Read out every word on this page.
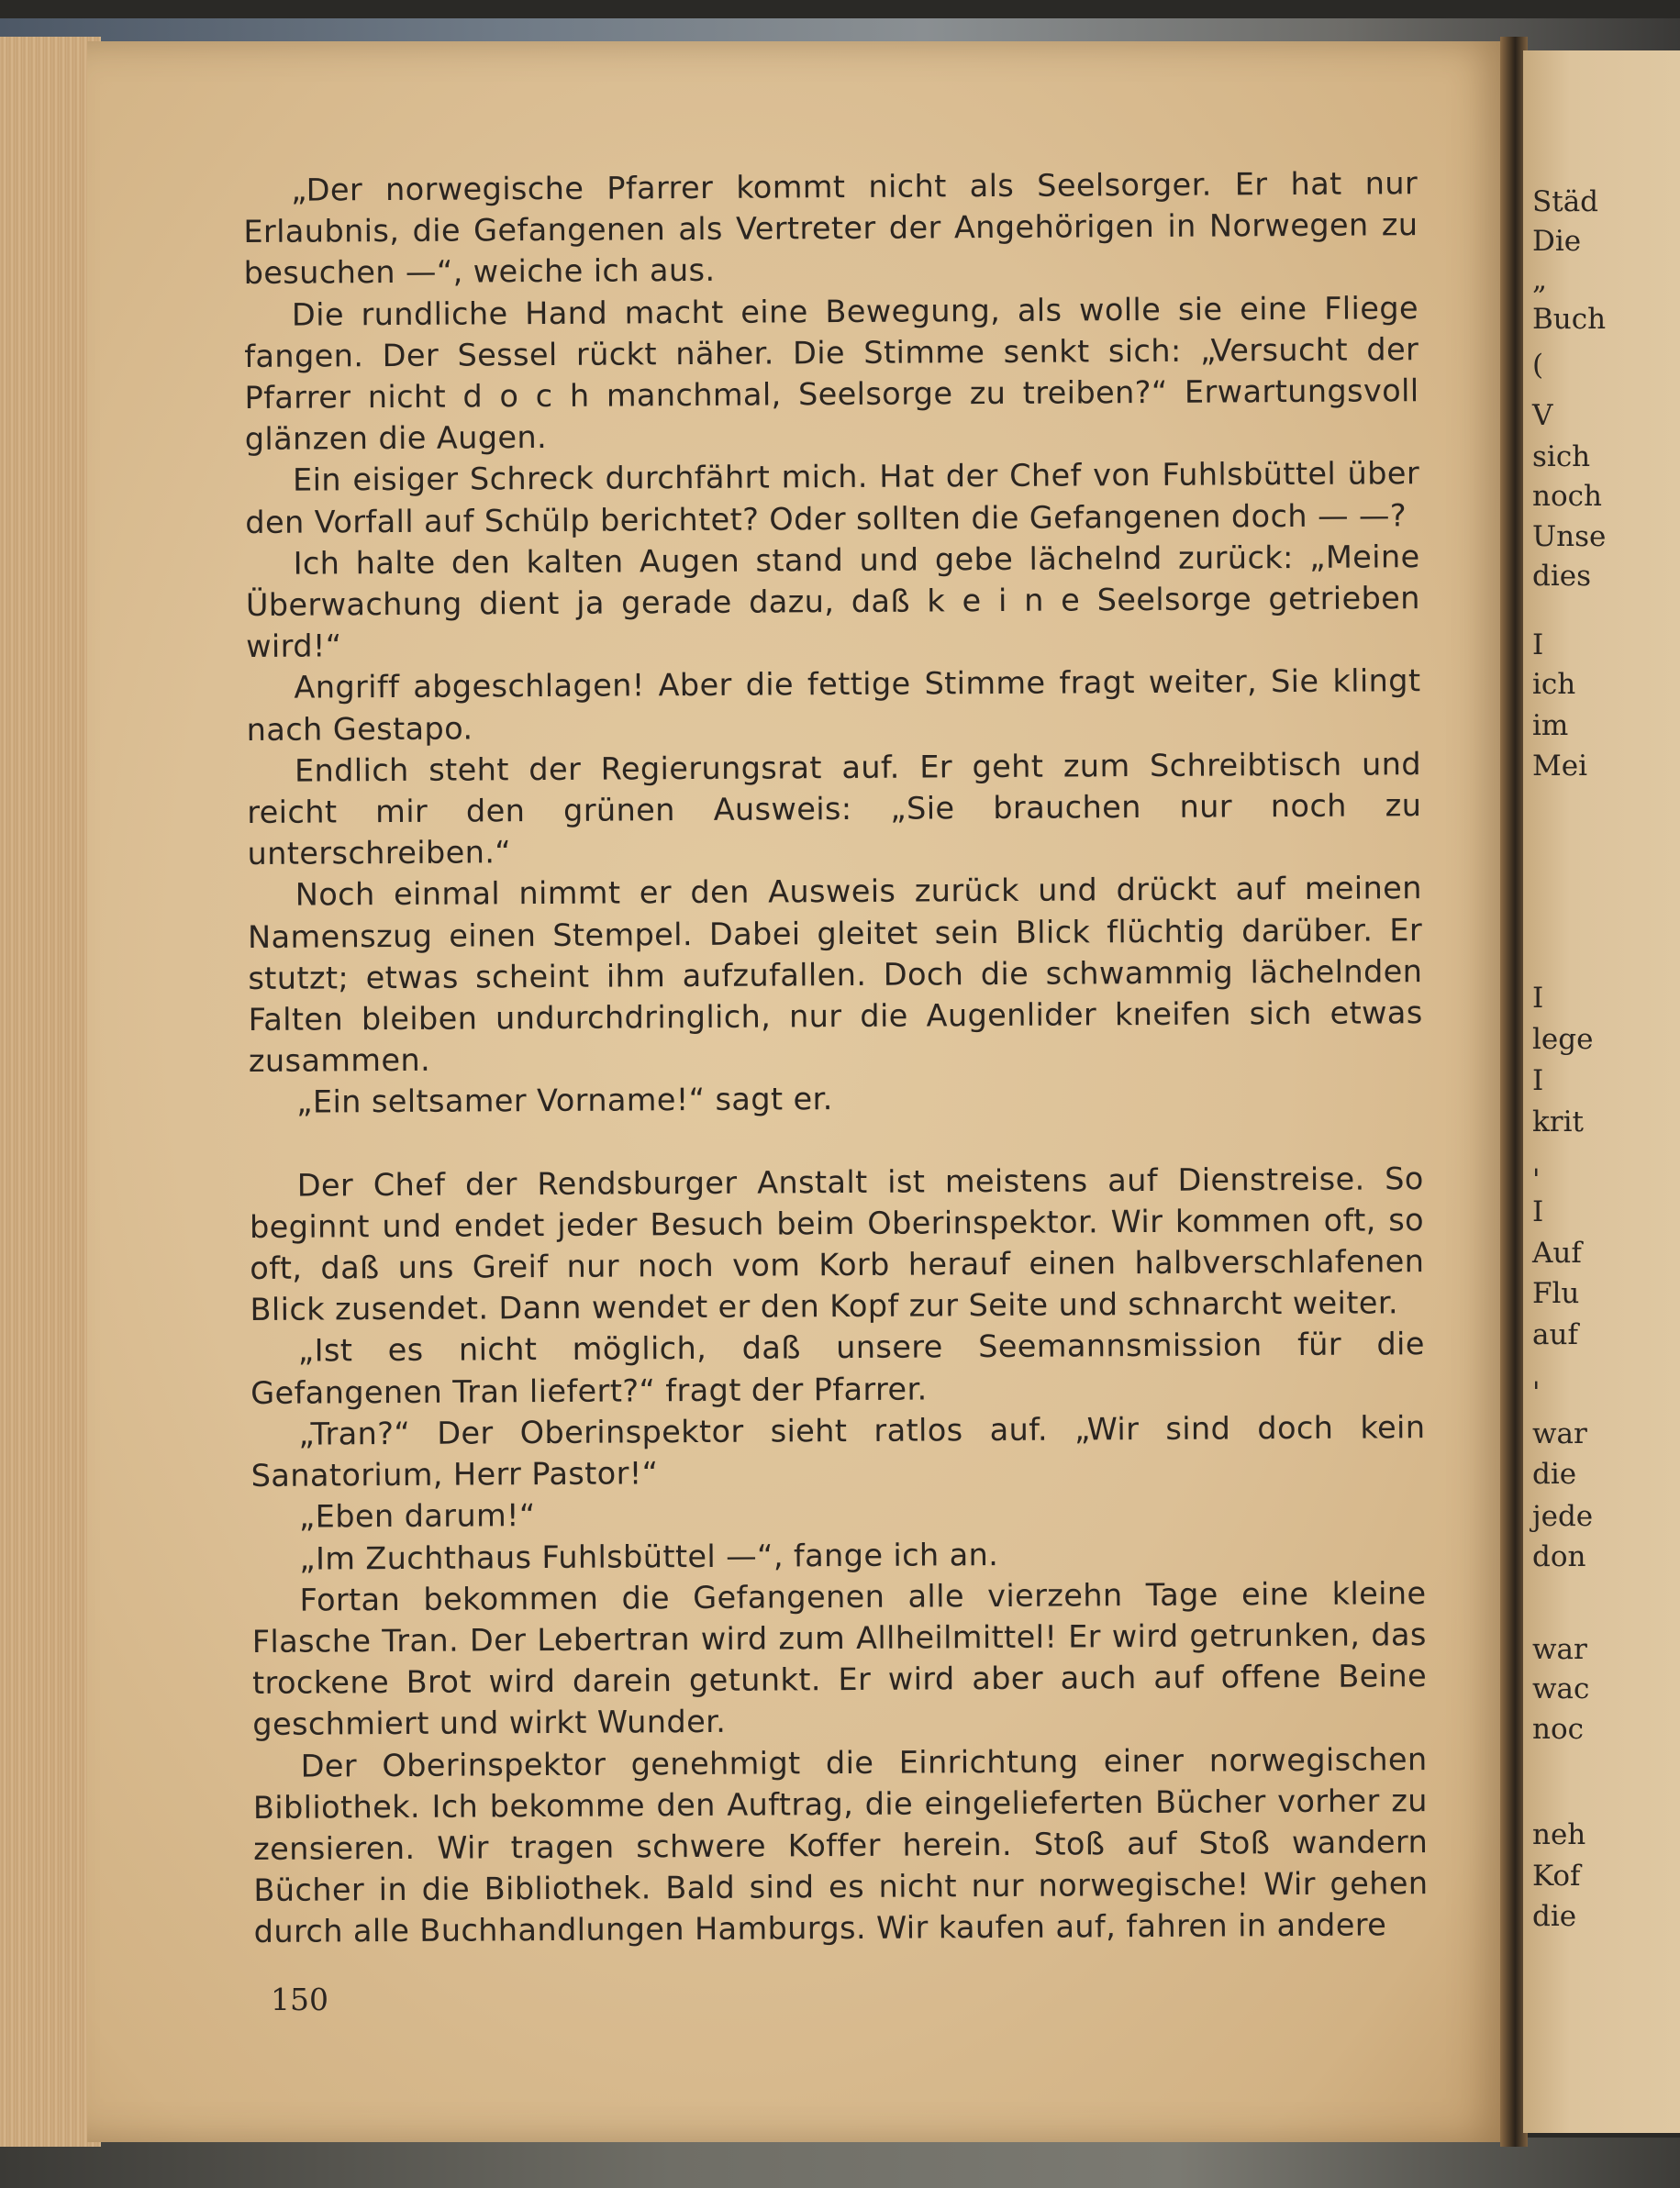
„Der norwegische Pfarrer kommt nicht als Seelsorger. Er hat nur Erlaubnis, die Gefangenen als Vertreter der Angehörigen in Norwegen zu besuchen —“, weiche ich aus.

Die rundliche Hand macht eine Bewegung, als wolle sie eine Fliege fangen. Der Sessel rückt näher. Die Stimme senkt sich: „Versucht der Pfarrer nicht d o c h manchmal, Seelsorge zu treiben?“ Erwartungsvoll glänzen die Augen.

Ein eisiger Schreck durchfährt mich. Hat der Chef von Fuhlsbüttel über den Vorfall auf Schülp berichtet? Oder sollten die Gefangenen doch — —?

Ich halte den kalten Augen stand und gebe lächelnd zurück: „Meine Überwachung dient ja gerade dazu, daß k e i n e Seelsorge getrieben wird!“

Angriff abgeschlagen! Aber die fettige Stimme fragt weiter, Sie klingt nach Gestapo.

Endlich steht der Regierungsrat auf. Er geht zum Schreibtisch und reicht mir den grünen Ausweis: „Sie brauchen nur noch zu unterschreiben.“

Noch einmal nimmt er den Ausweis zurück und drückt auf meinen Namenszug einen Stempel. Dabei gleitet sein Blick flüchtig darüber. Er stutzt; etwas scheint ihm aufzufallen. Doch die schwammig lächelnden Falten bleiben undurchdringlich, nur die Augenlider kneifen sich etwas zusammen.

„Ein seltsamer Vorname!“ sagt er.

Der Chef der Rendsburger Anstalt ist meistens auf Dienstreise. So beginnt und endet jeder Besuch beim Oberinspektor. Wir kommen oft, so oft, daß uns Greif nur noch vom Korb herauf einen halbverschlafenen Blick zusendet. Dann wendet er den Kopf zur Seite und schnarcht weiter.

„Ist es nicht möglich, daß unsere Seemannsmission für die Gefangenen Tran liefert?“ fragt der Pfarrer.

„Tran?“ Der Oberinspektor sieht ratlos auf. „Wir sind doch kein Sanatorium, Herr Pastor!“

„Eben darum!“

„Im Zuchthaus Fuhlsbüttel —“, fange ich an.

Fortan bekommen die Gefangenen alle vierzehn Tage eine kleine Flasche Tran. Der Lebertran wird zum Allheilmittel! Er wird getrunken, das trockene Brot wird darein getunkt. Er wird aber auch auf offene Beine geschmiert und wirkt Wunder.

Der Oberinspektor genehmigt die Einrichtung einer norwegischen Bibliothek. Ich bekomme den Auftrag, die eingelieferten Bücher vorher zu zensieren. Wir tragen schwere Koffer herein. Stoß auf Stoß wandern Bücher in die Bibliothek. Bald sind es nicht nur norwegische! Wir gehen durch alle Buchhandlungen Hamburgs. Wir kaufen auf, fahren in andere

150
Städ
Die
„
Buch
(
V
sich
noch
Unse
dies
I
ich
im
Mei
I
lege
I
krit
'
I
Auf
Flu
auf
'
war
die
jede
don
war
wac
noc
neh
Kof
die
